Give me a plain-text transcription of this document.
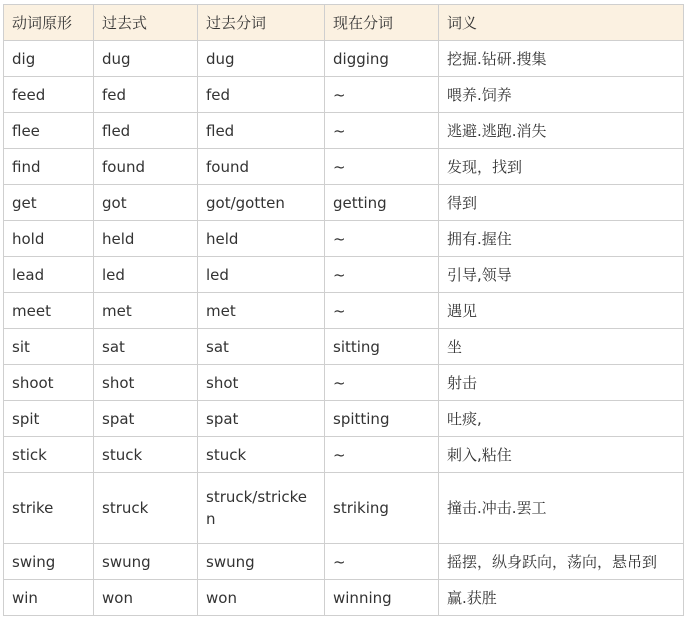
动词原形	过去式	过去分词	现在分词	词义
dig	dug	dug	digging	挖掘.钻研.搜集
feed	fed	fed	~	喂养.饲养
flee	fled	fled	~	逃避.逃跑.消失
find	found	found	~	发现，找到
get	got	got/gotten	getting	得到
hold	held	held	~	拥有.握住
lead	led	led	~	引导,领导
meet	met	met	~	遇见
sit	sat	sat	sitting	坐
shoot	shot	shot	~	射击
spit	spat	spat	spitting	吐痰,
stick	stuck	stuck	~	刺入,粘住
strike	struck	struck/stricken	striking	撞击.冲击.罢工
swing	swung	swung	~	摇摆，纵身跃向，荡向，悬吊到
win	won	won	winning	赢.获胜
